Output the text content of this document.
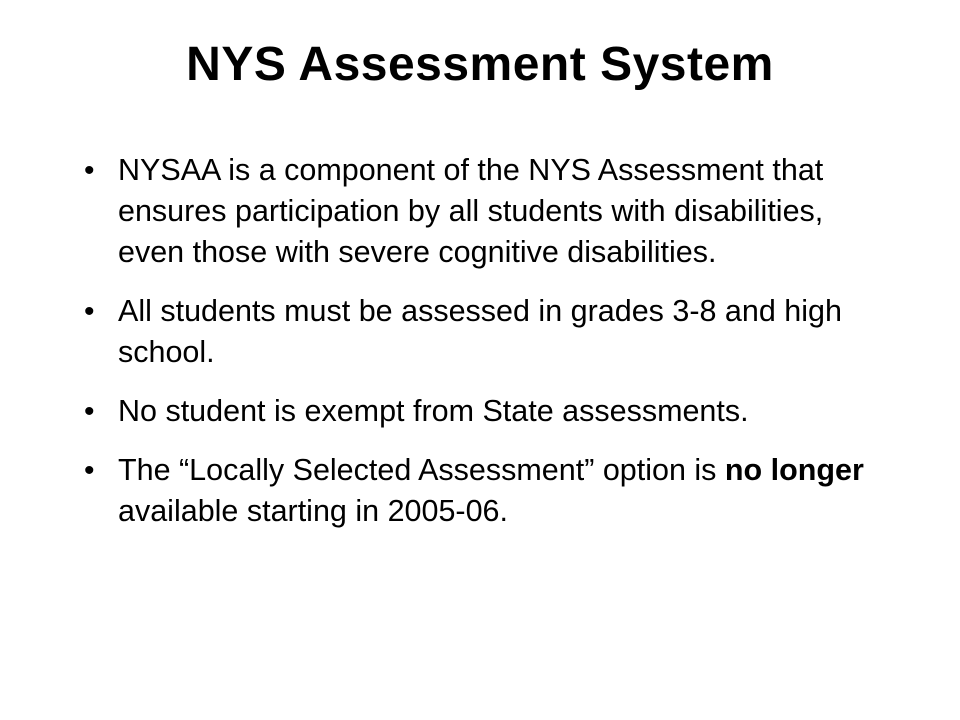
NYS Assessment System
• NYSAA is a component of the NYS Assessment that ensures participation by all students with disabilities, even those with severe cognitive disabilities.
• All students must be assessed in grades 3-8 and high school.
• No student is exempt from State assessments.
• The “Locally Selected Assessment” option is no longer available starting in 2005-06.
